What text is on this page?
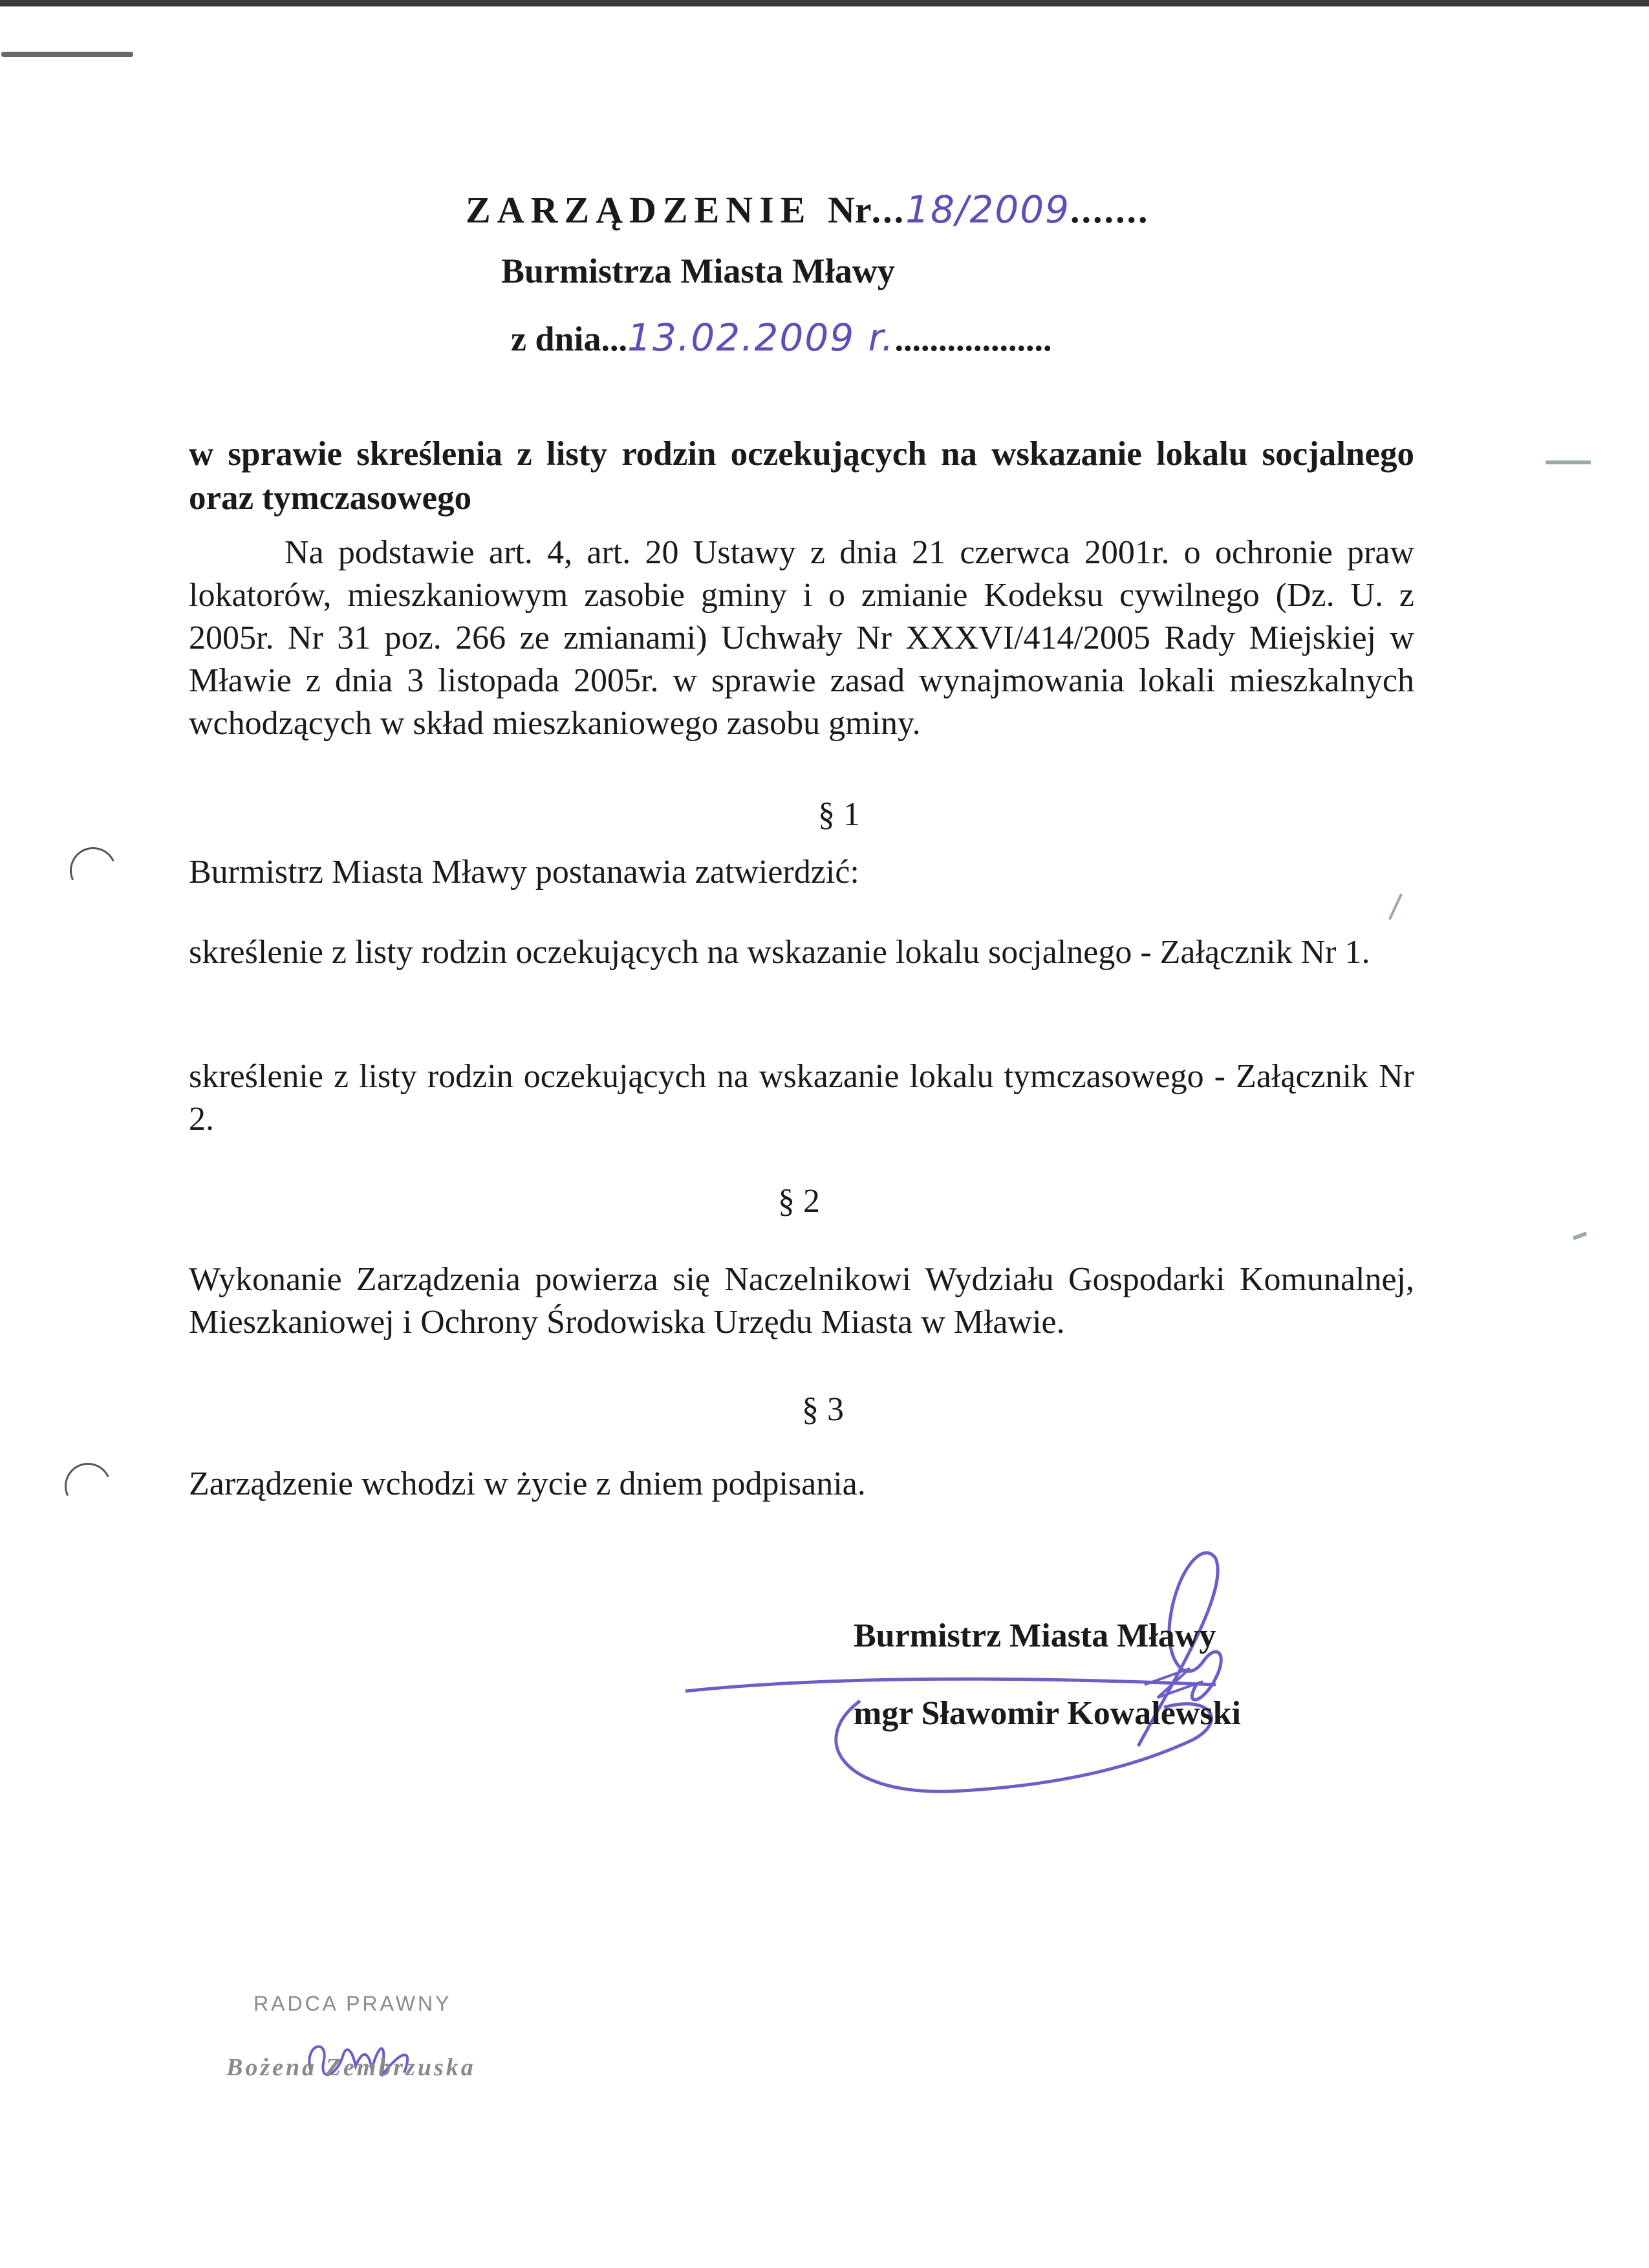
ZARZĄDZENIE Nr...18/2009.......
Burmistrza Miasta Mławy
z dnia...13.02.2009 r...................
w sprawie skreślenia z listy rodzin oczekujących na wskazanie lokalu socjalnego oraz tymczasowego
Na podstawie art. 4, art. 20 Ustawy z dnia 21 czerwca 2001r. o ochronie praw lokatorów, mieszkaniowym zasobie gminy i o zmianie Kodeksu cywilnego (Dz. U. z 2005r. Nr 31 poz. 266 ze zmianami) Uchwały Nr XXXVI/414/2005 Rady Miejskiej w Mławie z dnia 3 listopada 2005r. w sprawie zasad wynajmowania lokali mieszkalnych wchodzących w skład mieszkaniowego zasobu gminy.
§ 1
Burmistrz Miasta Mławy postanawia zatwierdzić:
skreślenie z listy rodzin oczekujących na wskazanie lokalu socjalnego - Załącznik Nr 1.
skreślenie z listy rodzin oczekujących na wskazanie lokalu tymczasowego - Załącznik Nr 2.
§ 2
Wykonanie Zarządzenia powierza się Naczelnikowi Wydziału Gospodarki Komunalnej, Mieszkaniowej i Ochrony Środowiska Urzędu Miasta w Mławie.
§ 3
Zarządzenie wchodzi w życie z dniem podpisania.
Burmistrz Miasta Mławy
mgr Sławomir Kowalewski
RADCA PRAWNY
Bożena Zembrzuska
